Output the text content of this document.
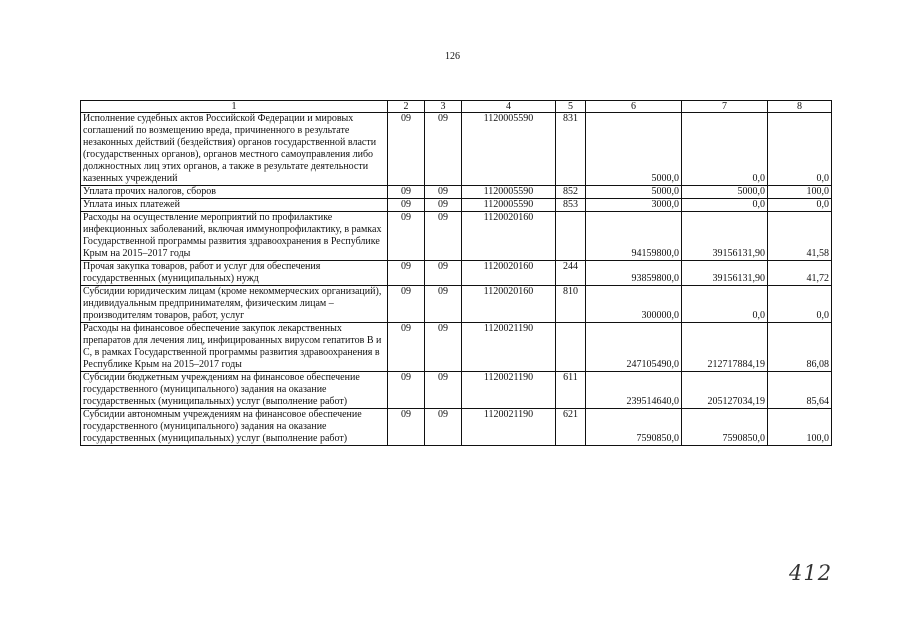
126
1	2	3	4	5	6	7	8
Исполнение судебных актов Российской Федерации и мировых соглашений по возмещению вреда, причиненного в результате незаконных действий (бездействия) органов государственной власти (государственных органов), органов местного самоуправления либо должностных лиц этих органов, а также в результате деятельности казенных учреждений	09	09	1120005590	831	5000,0	0,0	0,0
Уплата прочих налогов, сборов	09	09	1120005590	852	5000,0	5000,0	100,0
Уплата иных платежей	09	09	1120005590	853	3000,0	0,0	0,0
Расходы на осуществление мероприятий по профилактике инфекционных заболеваний, включая иммунопрофилактику, в рамках Государственной программы развития здравоохранения в Республике Крым на 2015–2017 годы	09	09	1120020160		94159800,0	39156131,90	41,58
Прочая закупка товаров, работ и услуг для обеспечения государственных (муниципальных) нужд	09	09	1120020160	244	93859800,0	39156131,90	41,72
Субсидии юридическим лицам (кроме некоммерческих организаций), индивидуальным предпринимателям, физическим лицам – производителям товаров, работ, услуг	09	09	1120020160	810	300000,0	0,0	0,0
Расходы на финансовое обеспечение закупок лекарственных препаратов для лечения лиц, инфицированных вирусом гепатитов В и С, в рамках Государственной программы развития здравоохранения в Республике Крым на 2015–2017 годы	09	09	1120021190		247105490,0	212717884,19	86,08
Субсидии бюджетным учреждениям на финансовое обеспечение государственного (муниципального) задания на оказание государственных (муниципальных) услуг (выполнение работ)	09	09	1120021190	611	239514640,0	205127034,19	85,64
Субсидии автономным учреждениям на финансовое обеспечение государственного (муниципального) задания на оказание государственных (муниципальных) услуг (выполнение работ)	09	09	1120021190	621	7590850,0	7590850,0	100,0
412
